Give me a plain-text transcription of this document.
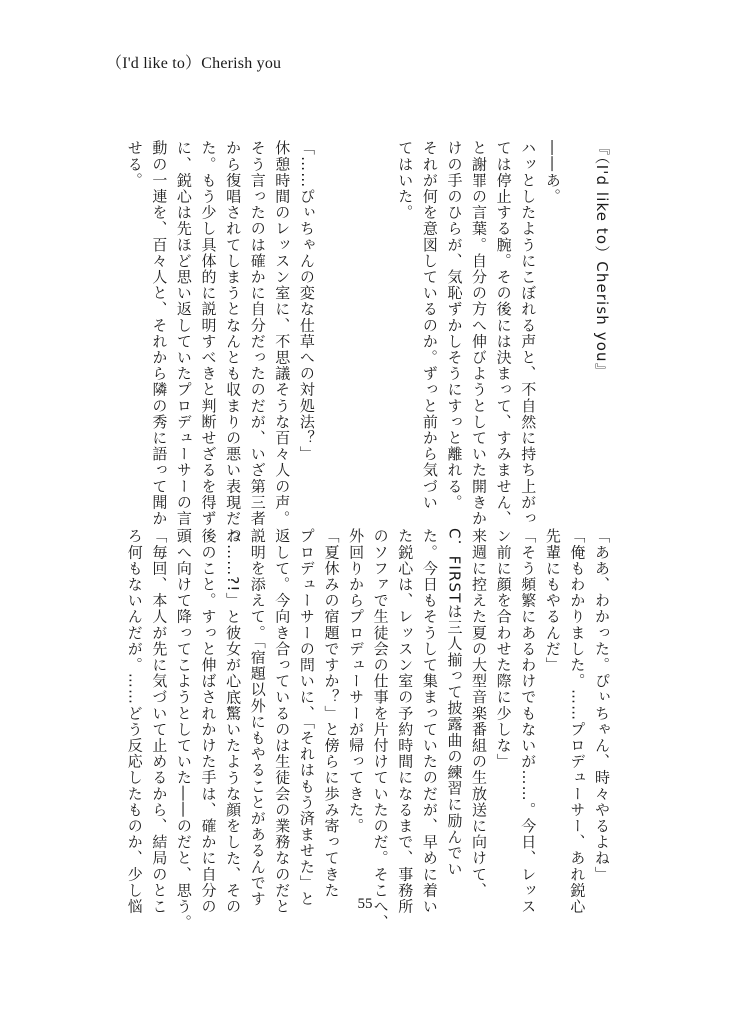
（I'd like to）Cherish you
『（I'd like to）Cherish you』
――あ。
ハッとしたようにこぼれる声と、不自然に持ち上がっ
ては停止する腕。その後には決まって、すみません、
と謝罪の言葉。自分の方へ伸びようとしていた開きか
けの手のひらが、気恥ずかしそうにすっと離れる。
それが何を意図しているのか。ずっと前から気づい
てはいた。
「……ぴぃちゃんの変な仕草への対処法？」
休憩時間のレッスン室に、不思議そうな百々人の声。
そう言ったのは確かに自分だったのだが、いざ第三者
から復唱されてしまうとなんとも収まりの悪い表現だっ
た。もう少し具体的に説明すべきと判断せざるを得ず
に、鋭心は先ほど思い返していたプロデューサーの言
動の一連を、百々人と、それから隣の秀に語って聞か
せる。
「ああ、わかった。ぴぃちゃん、時々やるよね」
「俺もわかりました。……プロデューサー、あれ鋭心
先輩にもやるんだ」
「そう頻繁にあるわけでもないが……。今日、レッス
ン前に顔を合わせた際に少しな」
来週に控えた夏の大型音楽番組の生放送に向けて、
C．FIRSTは三人揃って披露曲の練習に励んでい
た。今日もそうして集まっていたのだが、早めに着い
た鋭心は、レッスン室の予約時間になるまで、事務所
のソファで生徒会の仕事を片付けていたのだ。そこへ、
外回りからプロデューサーが帰ってきた。
「夏休みの宿題ですか？」と傍らに歩み寄ってきた
プロデューサーの問いに、「それはもう済ませた」と
返して。今向き合っているのは生徒会の業務なのだと
説明を添えて。「宿題以外にもやることがあるんです
ね……?!」と彼女が心底驚いたような顔をした、その
後のこと。すっと伸ばされかけた手は、確かに自分の
頭へ向けて降ってこようとしていた――のだと、思う。
「毎回、本人が先に気づいて止めるから、結局のとこ
ろ何もないんだが。……どう反応したものか、少し悩	55
